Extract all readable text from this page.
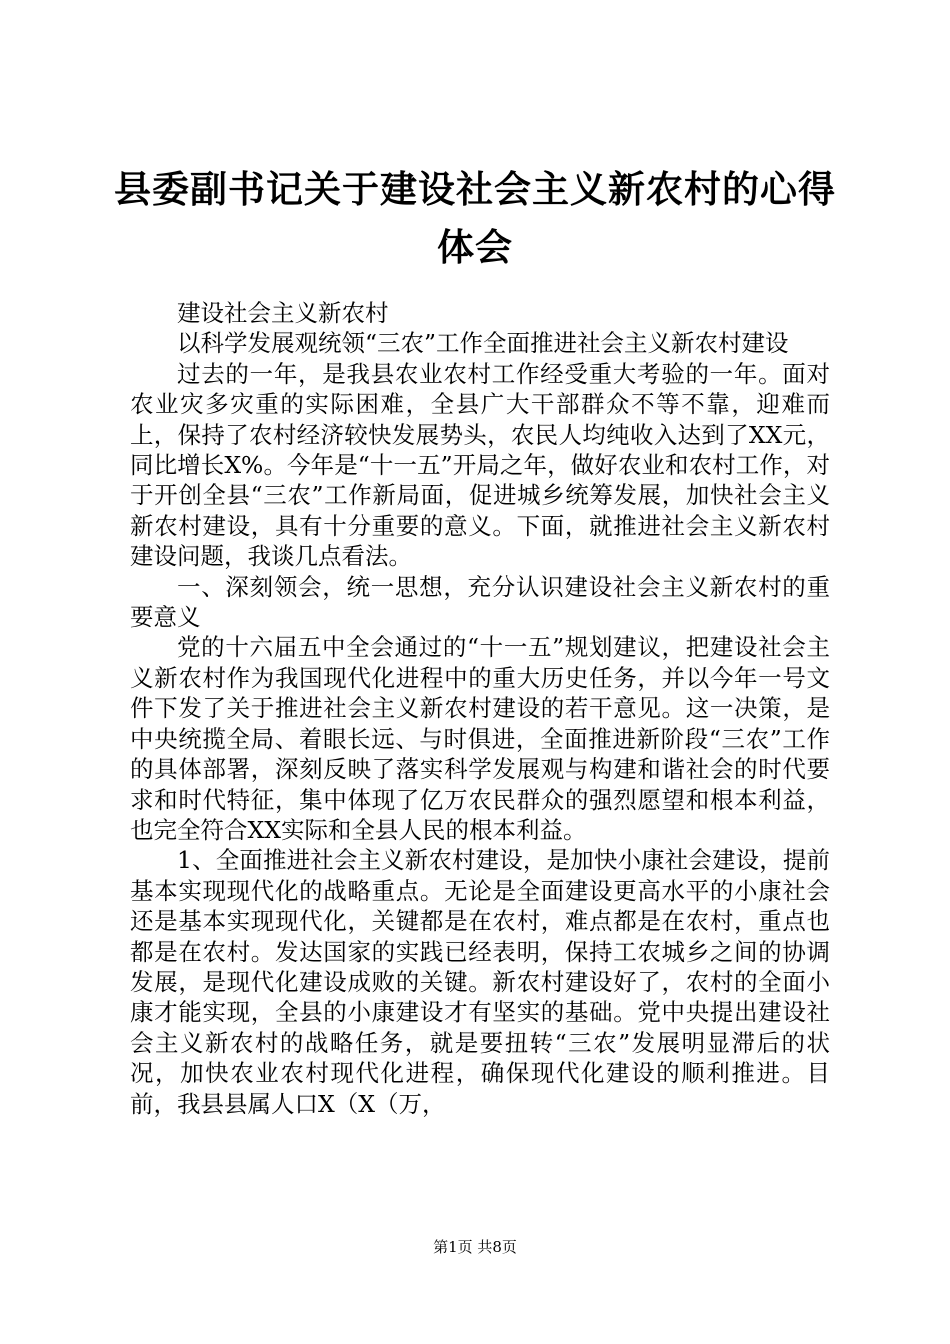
县委副书记关于建设社会主义新农村的心得体会

建设社会主义新农村

以科学发展观统领“三农”工作全面推进社会主义新农村建设

过去的一年，是我县农业农村工作经受重大考验的一年。面对农业灾多灾重的实际困难，全县广大干部群众不等不靠，迎难而上，保持了农村经济较快发展势头，农民人均纯收入达到了XX元，同比增长X%。今年是“十一五”开局之年，做好农业和农村工作，对于开创全县“三农”工作新局面，促进城乡统筹发展，加快社会主义新农村建设，具有十分重要的意义。下面，就推进社会主义新农村建设问题，我谈几点看法。

一、深刻领会，统一思想，充分认识建设社会主义新农村的重要意义

党的十六届五中全会通过的“十一五”规划建议，把建设社会主义新农村作为我国现代化进程中的重大历史任务，并以今年一号文件下发了关于推进社会主义新农村建设的若干意见。这一决策，是中央统揽全局、着眼长远、与时俱进，全面推进新阶段“三农”工作的具体部署，深刻反映了落实科学发展观与构建和谐社会的时代要求和时代特征，集中体现了亿万农民群众的强烈愿望和根本利益，也完全符合XX实际和全县人民的根本利益。

1、全面推进社会主义新农村建设，是加快小康社会建设，提前基本实现现代化的战略重点。无论是全面建设更高水平的小康社会还是基本实现现代化，关键都是在农村，难点都是在农村，重点也都是在农村。发达国家的实践已经表明，保持工农城乡之间的协调发展，是现代化建设成败的关键。新农村建设好了，农村的全面小康才能实现，全县的小康建设才有坚实的基础。党中央提出建设社会主义新农村的战略任务，就是要扭转“三农”发展明显滞后的状况，加快农业农村现代化进程，确保现代化建设的顺利推进。目前，我县县属人口X（X（万，

第1页 共8页
